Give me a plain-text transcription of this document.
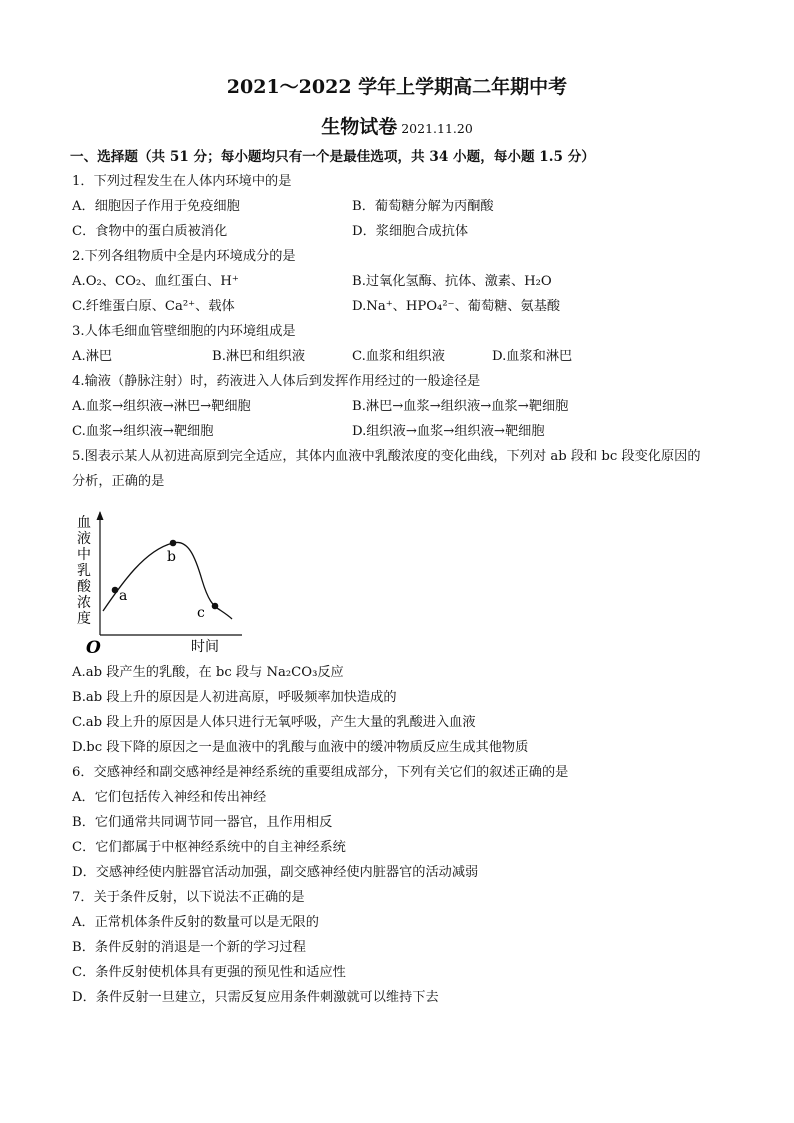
2021～2022 学年上学期高二年期中考
生物试卷 2021.11.20
一、选择题（共 51 分；每小题均只有一个是最佳选项，共 34 小题，每小题 1.5 分）
1．下列过程发生在人体内环境中的是
A．细胞因子作用于免疫细胞	B．葡萄糖分解为丙酮酸
C．食物中的蛋白质被消化	D．浆细胞合成抗体
2.下列各组物质中全是内环境成分的是
A.O₂、CO₂、血红蛋白、H⁺	B.过氧化氢酶、抗体、激素、H₂O
C.纤维蛋白原、Ca²⁺、载体	D.Na⁺、HPO₄²⁻、葡萄糖、氨基酸
3.人体毛细血管壁细胞的内环境组成是
A.淋巴	B.淋巴和组织液	C.血浆和组织液	D.血浆和淋巴
4.输液（静脉注射）时，药液进入人体后到发挥作用经过的一般途径是
A.血浆→组织液→淋巴→靶细胞	B.淋巴→血浆→组织液→血浆→靶细胞
C.血浆→组织液→靶细胞	D.组织液→血浆→组织液→靶细胞
5.图表示某人从初进高原到完全适应，其体内血液中乳酸浓度的变化曲线，下列对 ab 段和 bc 段变化原因的
分析，正确的是
a
b
c
血
液
中
乳
酸
浓
度
O	时间
A.ab 段产生的乳酸，在 bc 段与 Na₂CO₃反应
B.ab 段上升的原因是人初进高原，呼吸频率加快造成的
C.ab 段上升的原因是人体只进行无氧呼吸，产生大量的乳酸进入血液
D.bc 段下降的原因之一是血液中的乳酸与血液中的缓冲物质反应生成其他物质
6．交感神经和副交感神经是神经系统的重要组成部分，下列有关它们的叙述正确的是
A．它们包括传入神经和传出神经
B．它们通常共同调节同一器官，且作用相反
C．它们都属于中枢神经系统中的自主神经系统
D．交感神经使内脏器官活动加强，副交感神经使内脏器官的活动减弱
7．关于条件反射，以下说法不正确的是
A．正常机体条件反射的数量可以是无限的
B．条件反射的消退是一个新的学习过程
C．条件反射使机体具有更强的预见性和适应性
D．条件反射一旦建立，只需反复应用条件刺激就可以维持下去
